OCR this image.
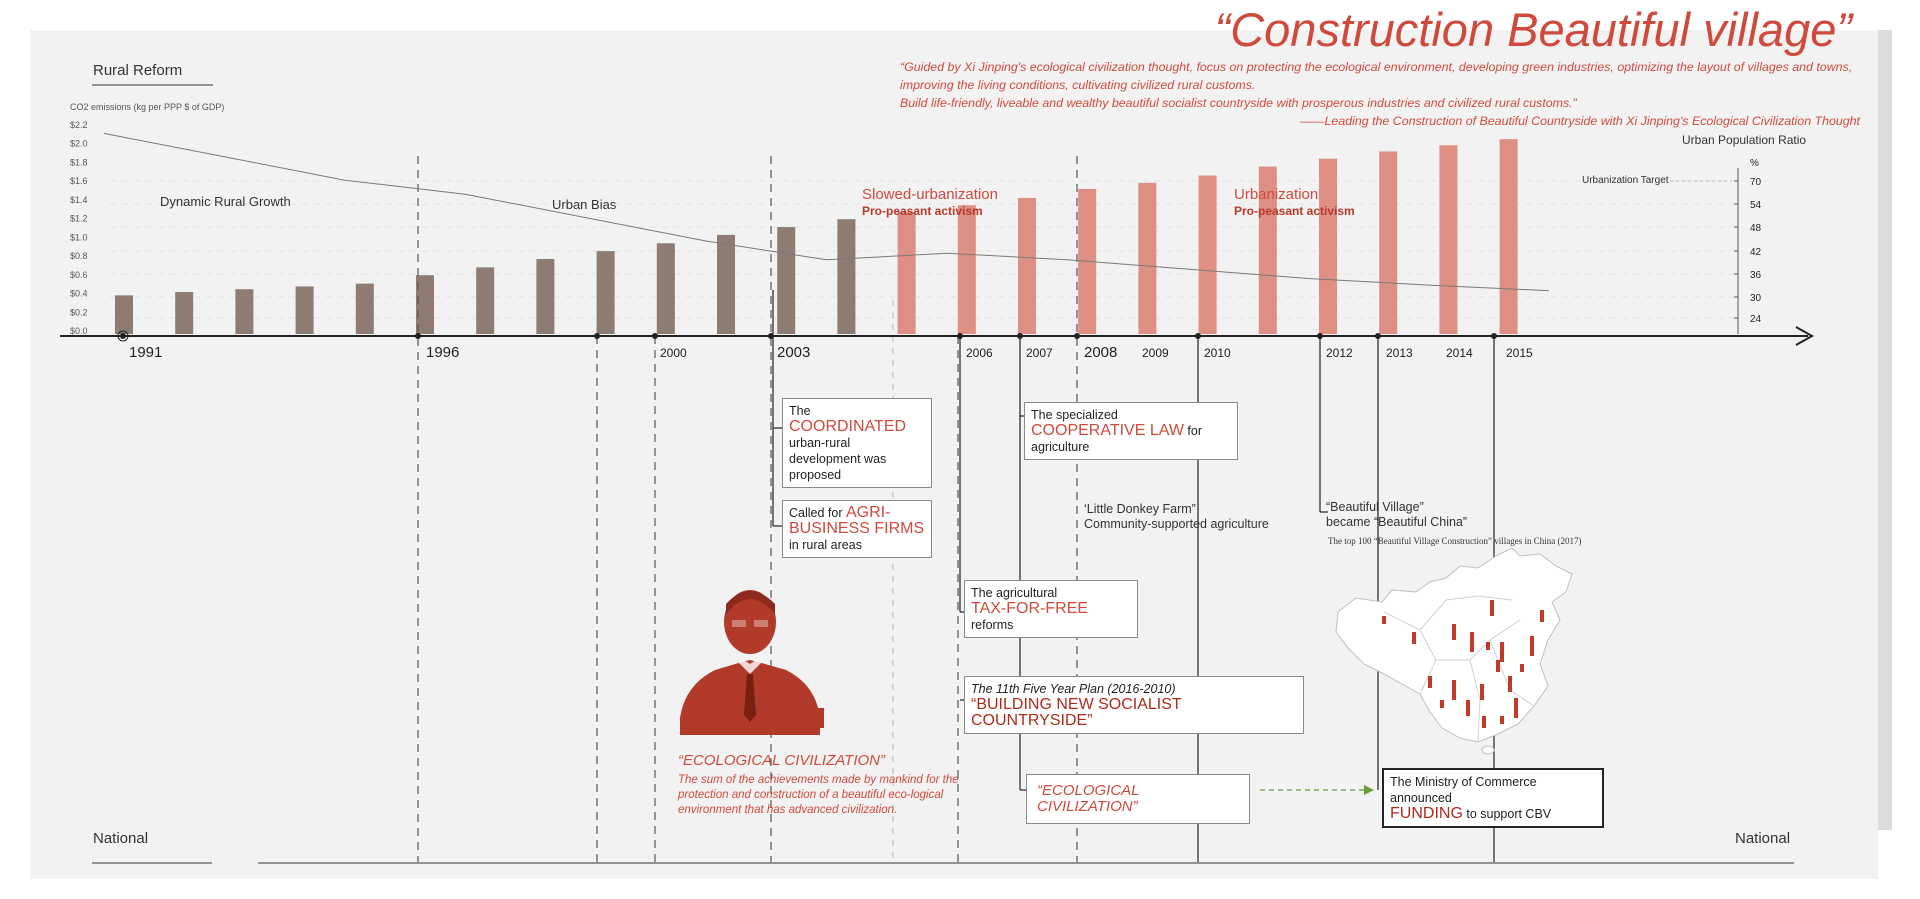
$0.0
$0.2
$0.4
$0.6
$0.8
$1.0
$1.2
$1.4
$1.6
$1.8
$2.0
$2.2
24
30
36
42
48
54
70
1991	1996	2000	2003	2006	2007 2008 2009	2010	2012	2013	2014	2015
“Construction Beautiful village”
“Guided by Xi Jinping's ecological civilization thought, focus on protecting the ecological environment, developing green industries, optimizing the layout of villages and towns, improving the living conditions, cultivating civilized rural customs.
Build life-friendly, liveable and wealthy beautiful socialist countryside with prosperous industries and civilized rural customs.”
——Leading the Construction of Beautiful Countryside with Xi Jinping's Ecological Civilization Thought
Rural Reform
National	National
CO2 emissions (kg per PPP $ of GDP)
Urban Population Ratio
%
Urbanization Target
Dynamic Rural Growth	Urban Bias
Slowed-urbanization
Pro-peasant activism
Urbanization
Pro-peasant activism
The COORDINATED
urban-rural development was proposed
Called for AGRI-BUSINESS FIRMS
in rural areas
The specialized COOPERATIVE LAW for agriculture
‘Little Donkey Farm”
Community-supported agriculture
“Beautiful Village”
became “Beautiful China”
The top 100 “Beautiful Village Construction” villages in China (2017)
The agricultural
TAX-FOR-FREE reforms
The 11th Five Year Plan (2016-2010)
“BUILDING NEW SOCIALIST COUNTRYSIDE”
“ECOLOGICAL CIVILIZATION”
The Ministry of Commerce announced
FUNDING to support CBV
“ECOLOGICAL CIVILIZATION”
The sum of the achievements made by mankind for the protection and construction of a beautiful eco-logical environment that has advanced civilization.
